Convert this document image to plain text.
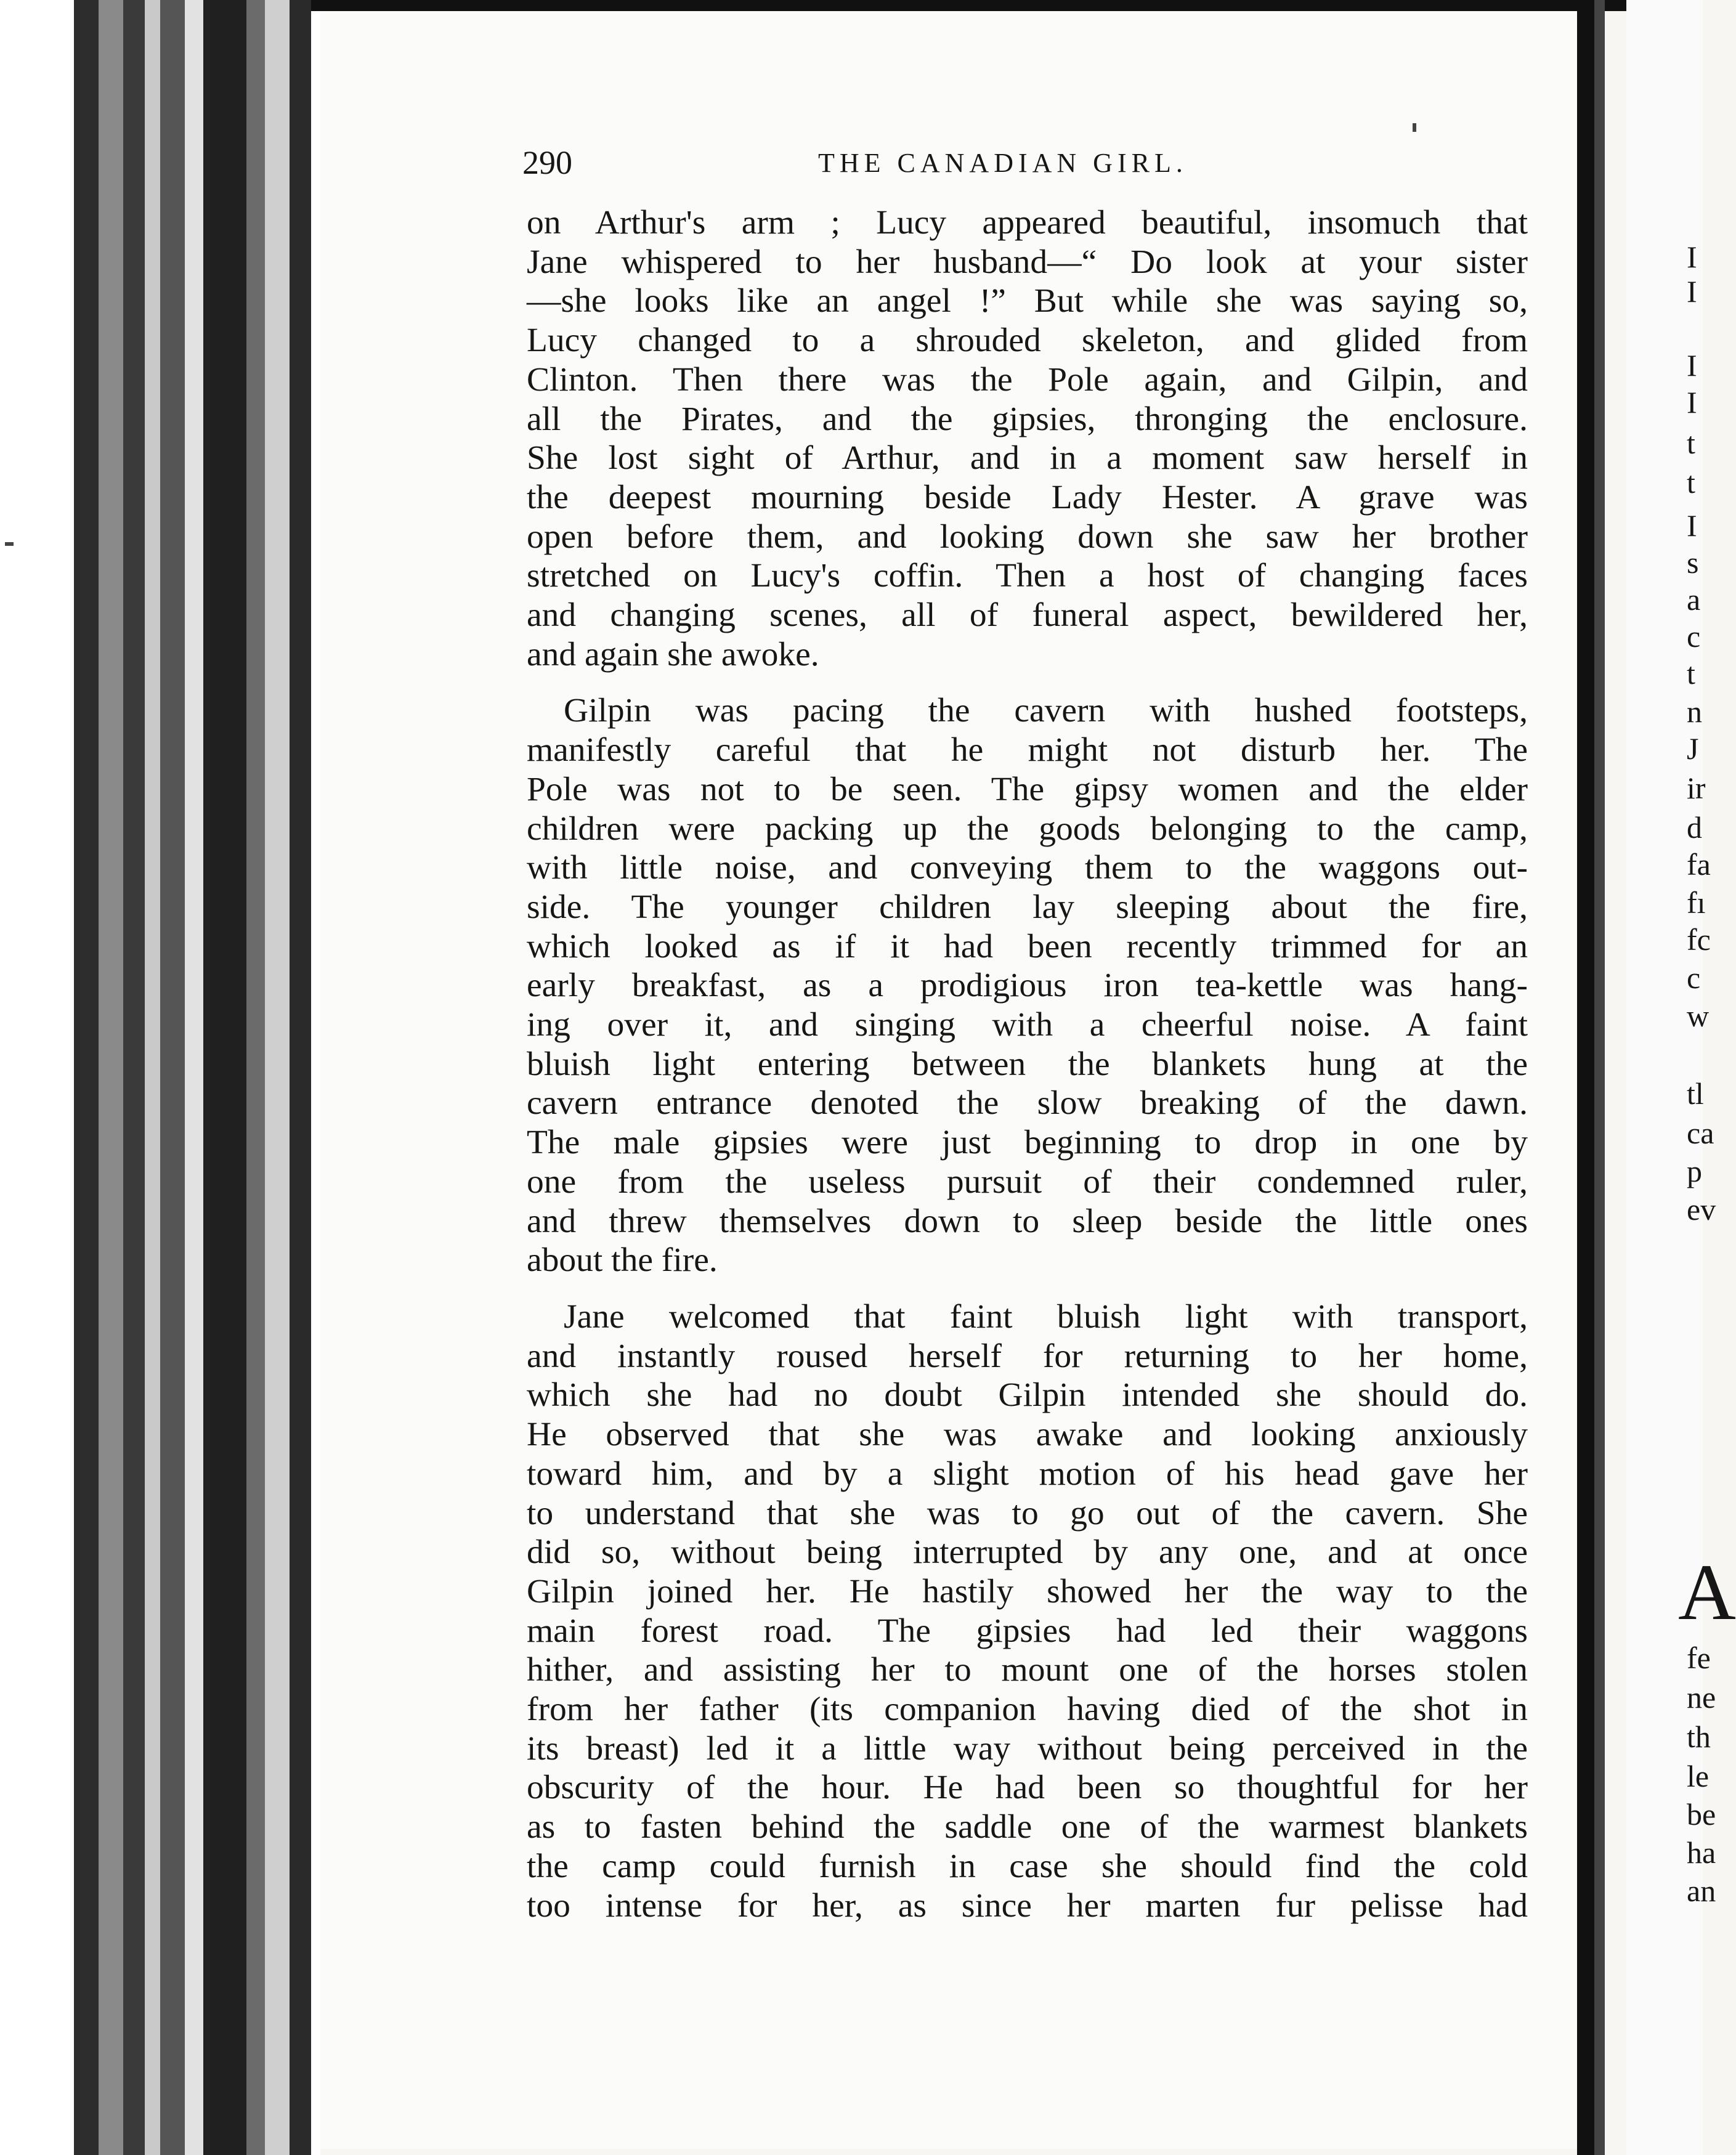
I
I
I
I
t
t
I
s
a
c
t
n
J
ir
d
fa
fı
fc
c
w
tl
ca
p
ev
A
fe
ne
th
le
be
ha
an
290	THE CANADIAN GIRL.

on Arthur's arm ; Lucy appeared beautiful, insomuch that
Jane whispered to her husband—“ Do look at your sister
—she looks like an angel !” But while she was saying so,
Lucy changed to a shrouded skeleton, and glided from
Clinton. Then there was the Pole again, and Gilpin, and
all the Pirates, and the gipsies, thronging the enclosure.
She lost sight of Arthur, and in a moment saw herself in
the deepest mourning beside Lady Hester. A grave was
open before them, and looking down she saw her brother
stretched on Lucy's coffin. Then a host of changing faces
and changing scenes, all of funeral aspect, bewildered her,
and again she awoke.

Gilpin was pacing the cavern with hushed footsteps,
manifestly careful that he might not disturb her. The
Pole was not to be seen. The gipsy women and the elder
children were packing up the goods belonging to the camp,
with little noise, and conveying them to the waggons out-
side. The younger children lay sleeping about the fire,
which looked as if it had been recently trimmed for an
early breakfast, as a prodigious iron tea-kettle was hang-
ing over it, and singing with a cheerful noise. A faint
bluish light entering between the blankets hung at the
cavern entrance denoted the slow breaking of the dawn.
The male gipsies were just beginning to drop in one by
one from the useless pursuit of their condemned ruler,
and threw themselves down to sleep beside the little ones
about the fire.

Jane welcomed that faint bluish light with transport,
and instantly roused herself for returning to her home,
which she had no doubt Gilpin intended she should do.
He observed that she was awake and looking anxiously
toward him, and by a slight motion of his head gave her
to understand that she was to go out of the cavern. She
did so, without being interrupted by any one, and at once
Gilpin joined her. He hastily showed her the way to the
main forest road. The gipsies had led their waggons
hither, and assisting her to mount one of the horses stolen
from her father (its companion having died of the shot in
its breast) led it a little way without being perceived in the
obscurity of the hour. He had been so thoughtful for her
as to fasten behind the saddle one of the warmest blankets
the camp could furnish in case she should find the cold
too intense for her, as since her marten fur pelisse had
